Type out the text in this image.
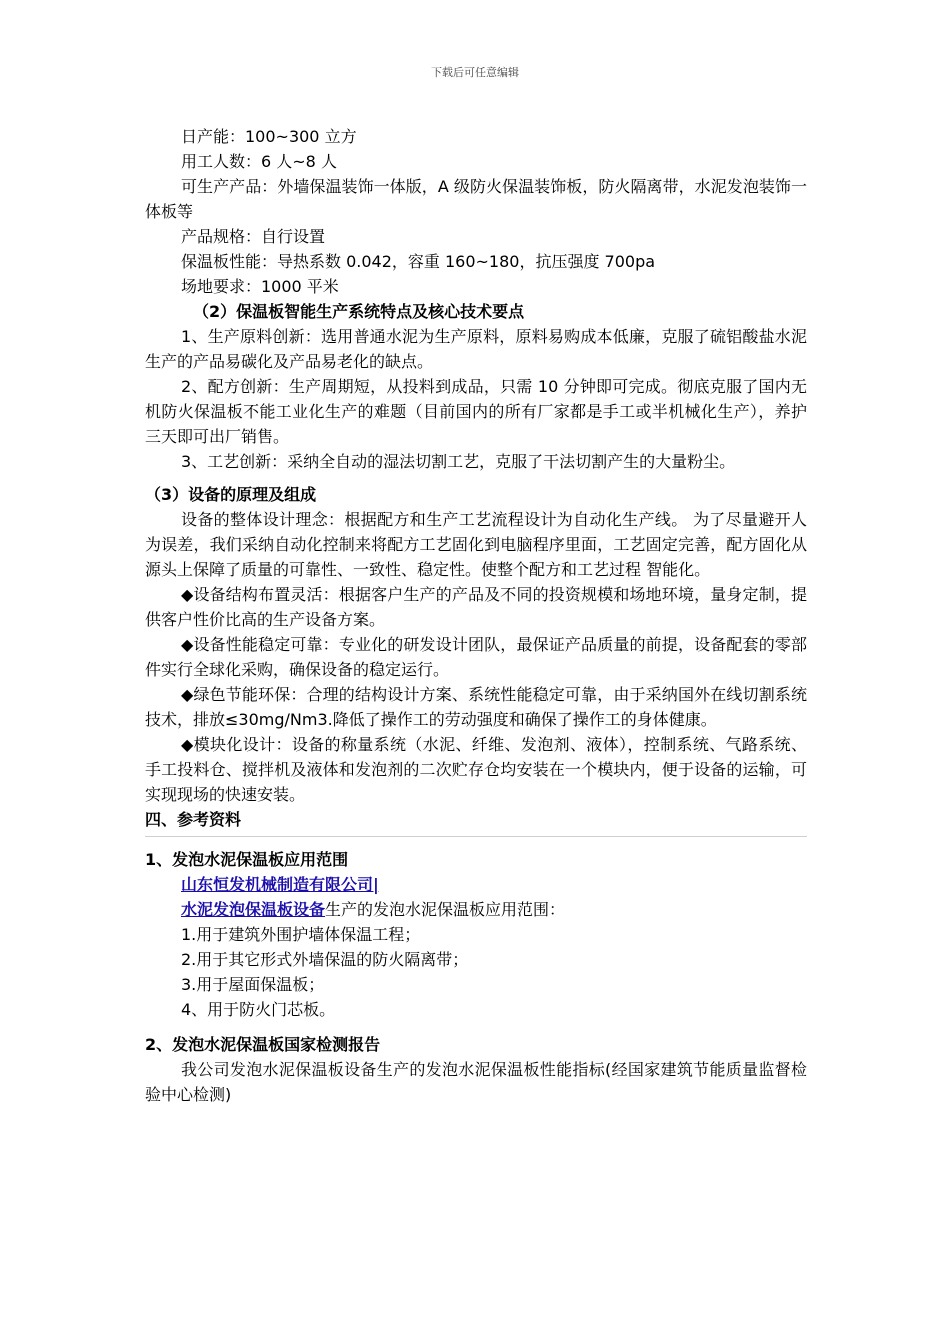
下载后可任意编辑

日产能：100~300 立方

用工人数：6 人~8 人

可生产产品：外墙保温装饰一体版，A 级防火保温装饰板，防火隔离带，水泥发泡装饰一体板等

产品规格：自行设置

保温板性能：导热系数 0.042，容重 160~180，抗压强度 700pa

场地要求：1000 平米

（2）保温板智能生产系统特点及核心技术要点

1、生产原料创新：选用普通水泥为生产原料，原料易购成本低廉，克服了硫铝酸盐水泥生产的产品易碳化及产品易老化的缺点。

2、配方创新：生产周期短，从投料到成品，只需 10 分钟即可完成。彻底克服了国内无机防火保温板不能工业化生产的难题（目前国内的所有厂家都是手工或半机械化生产），养护三天即可出厂销售。

3、工艺创新：采纳全自动的湿法切割工艺，克服了干法切割产生的大量粉尘。

（3）设备的原理及组成

设备的整体设计理念：根据配方和生产工艺流程设计为自动化生产线。 为了尽量避开人为误差，我们采纳自动化控制来将配方工艺固化到电脑程序里面，工艺固定完善，配方固化从源头上保障了质量的可靠性、一致性、稳定性。使整个配方和工艺过程 智能化。

◆设备结构布置灵活：根据客户生产的产品及不同的投资规模和场地环境，量身定制，提供客户性价比高的生产设备方案。

◆设备性能稳定可靠：专业化的研发设计团队，最保证产品质量的前提，设备配套的零部件实行全球化采购，确保设备的稳定运行。

◆绿色节能环保：合理的结构设计方案、系统性能稳定可靠，由于采纳国外在线切割系统技术，排放≤30mg/Nm3.降低了操作工的劳动强度和确保了操作工的身体健康。

◆模块化设计：设备的称量系统（水泥、纤维、发泡剂、液体），控制系统、气路系统、手工投料仓、搅拌机及液体和发泡剂的二次贮存仓均安装在一个模块内，便于设备的运输，可实现现场的快速安装。

四、参考资料

1、发泡水泥保温板应用范围

山东恒发机械制造有限公司|

水泥发泡保温板设备生产的发泡水泥保温板应用范围：

1.用于建筑外围护墙体保温工程；

2.用于其它形式外墙保温的防火隔离带；

3.用于屋面保温板；

4、用于防火门芯板。

2、发泡水泥保温板国家检测报告

我公司发泡水泥保温板设备生产的发泡水泥保温板性能指标(经国家建筑节能质量监督检验中心检测)
